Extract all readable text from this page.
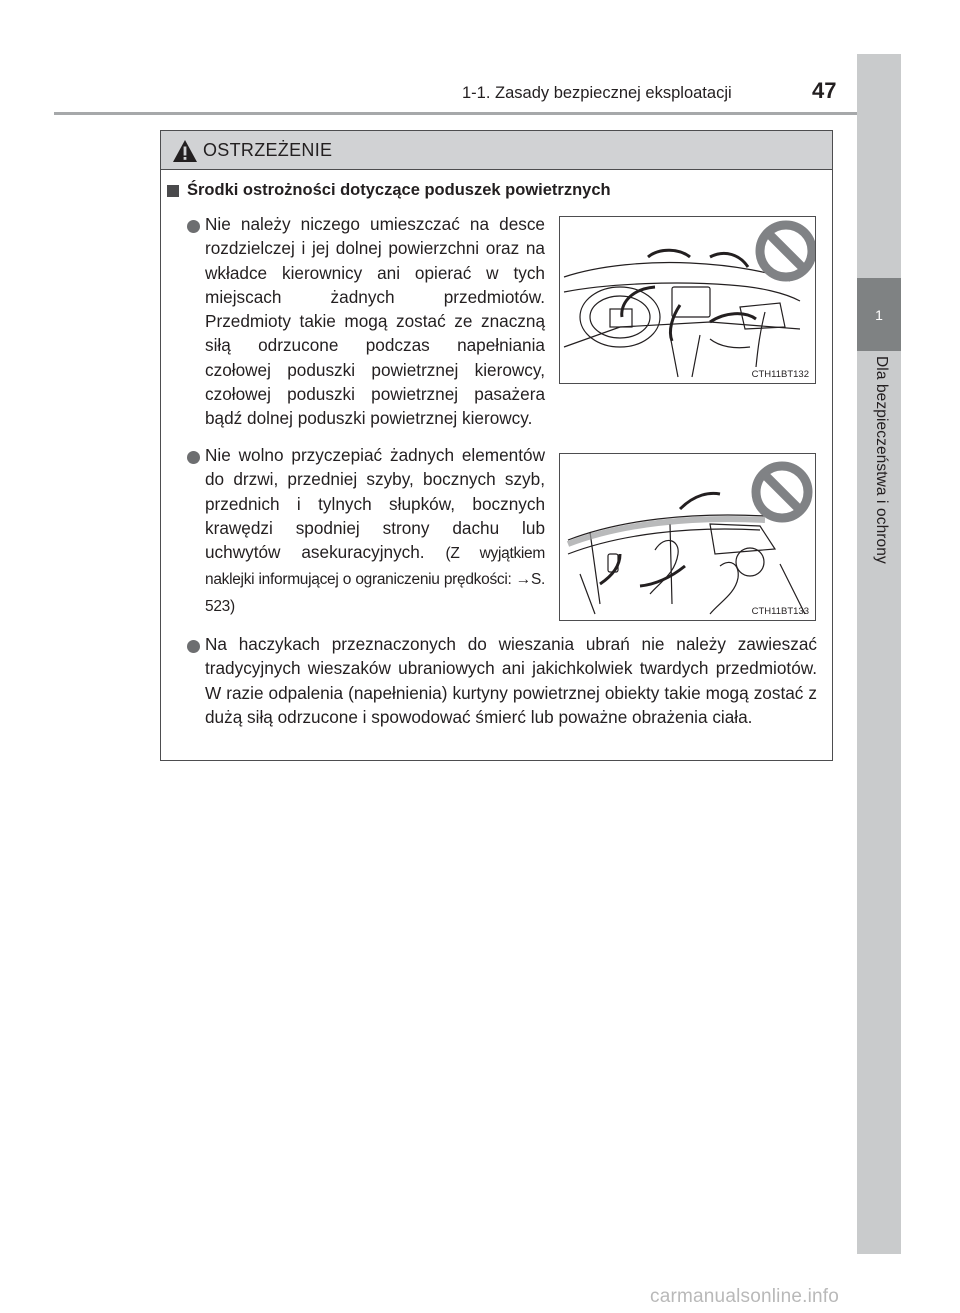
1-1. Zasady bezpiecznej eksploatacji	47
1
Dla bezpieczeństwa i ochrony
OSTRZEŻENIE
Środki ostrożności dotyczące poduszek powietrznych

Nie należy niczego umieszczać na desce rozdzielczej i jej dolnej powierzchni oraz na wkładce kierownicy ani opierać w tych miejscach żadnych przedmiotów. Przedmioty takie mogą zostać ze znaczną siłą odrzucone podczas napełniania czołowej poduszki powietrznej kierowcy, czołowej poduszki powietrznej pasażera bądź dolnej poduszki powietrznej kierowcy.

CTH11BT132
Nie wolno przyczepiać żadnych elementów do drzwi, przedniej szyby, bocznych szyb, przednich i tylnych słupków, bocznych krawędzi spodniej strony dachu lub uchwytów asekuracyjnych. (Z wyjątkiem naklejki informującej o ograniczeniu prędkości: →S. 523)	CTH11BT133

Na haczykach przeznaczonych do wieszania ubrań nie należy zawieszać tradycyjnych wieszaków ubraniowych ani jakichkolwiek twardych przedmiotów. W razie odpalenia (napełnienia) kurtyny powietrznej obiekty takie mogą zostać z dużą siłą odrzucone i spowodować śmierć lub poważne obrażenia ciała.

carmanualsonline.info
